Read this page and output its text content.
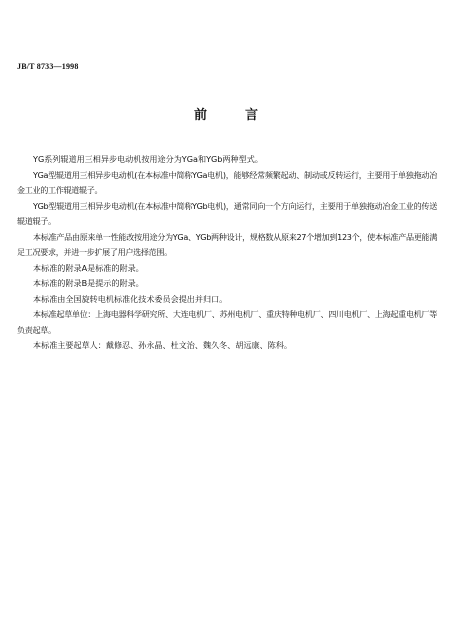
JB/T 8733—1998
前言

YG系列辊道用三相异步电动机按用途分为YGa和YGb两种型式。

YGa型辊道用三相异步电动机(在本标准中简称YGa电机)，能够经常频繁起动、制动或反转运行，主要用于单独拖动冶金工业的工作辊道辊子。

YGb型辊道用三相异步电动机(在本标准中简称YGb电机)，通常同向一个方向运行，主要用于单独拖动冶金工业的传送辊道辊子。

本标准产品由原来单一性能改按用途分为YGa、YGb两种设计，规格数从原来27个增加到123个，使本标准产品更能满足工况要求，并进一步扩展了用户选择范围。

本标准的附录A是标准的附录。

本标准的附录B是提示的附录。

本标准由全国旋转电机标准化技术委员会提出并归口。

本标准起草单位：上海电器科学研究所、大连电机厂、苏州电机厂、重庆特种电机厂、四川电机厂、上海起重电机厂等负责起草。

本标准主要起草人：戴修忍、孙永晶、杜文治、魏久冬、胡远康、陈科。
